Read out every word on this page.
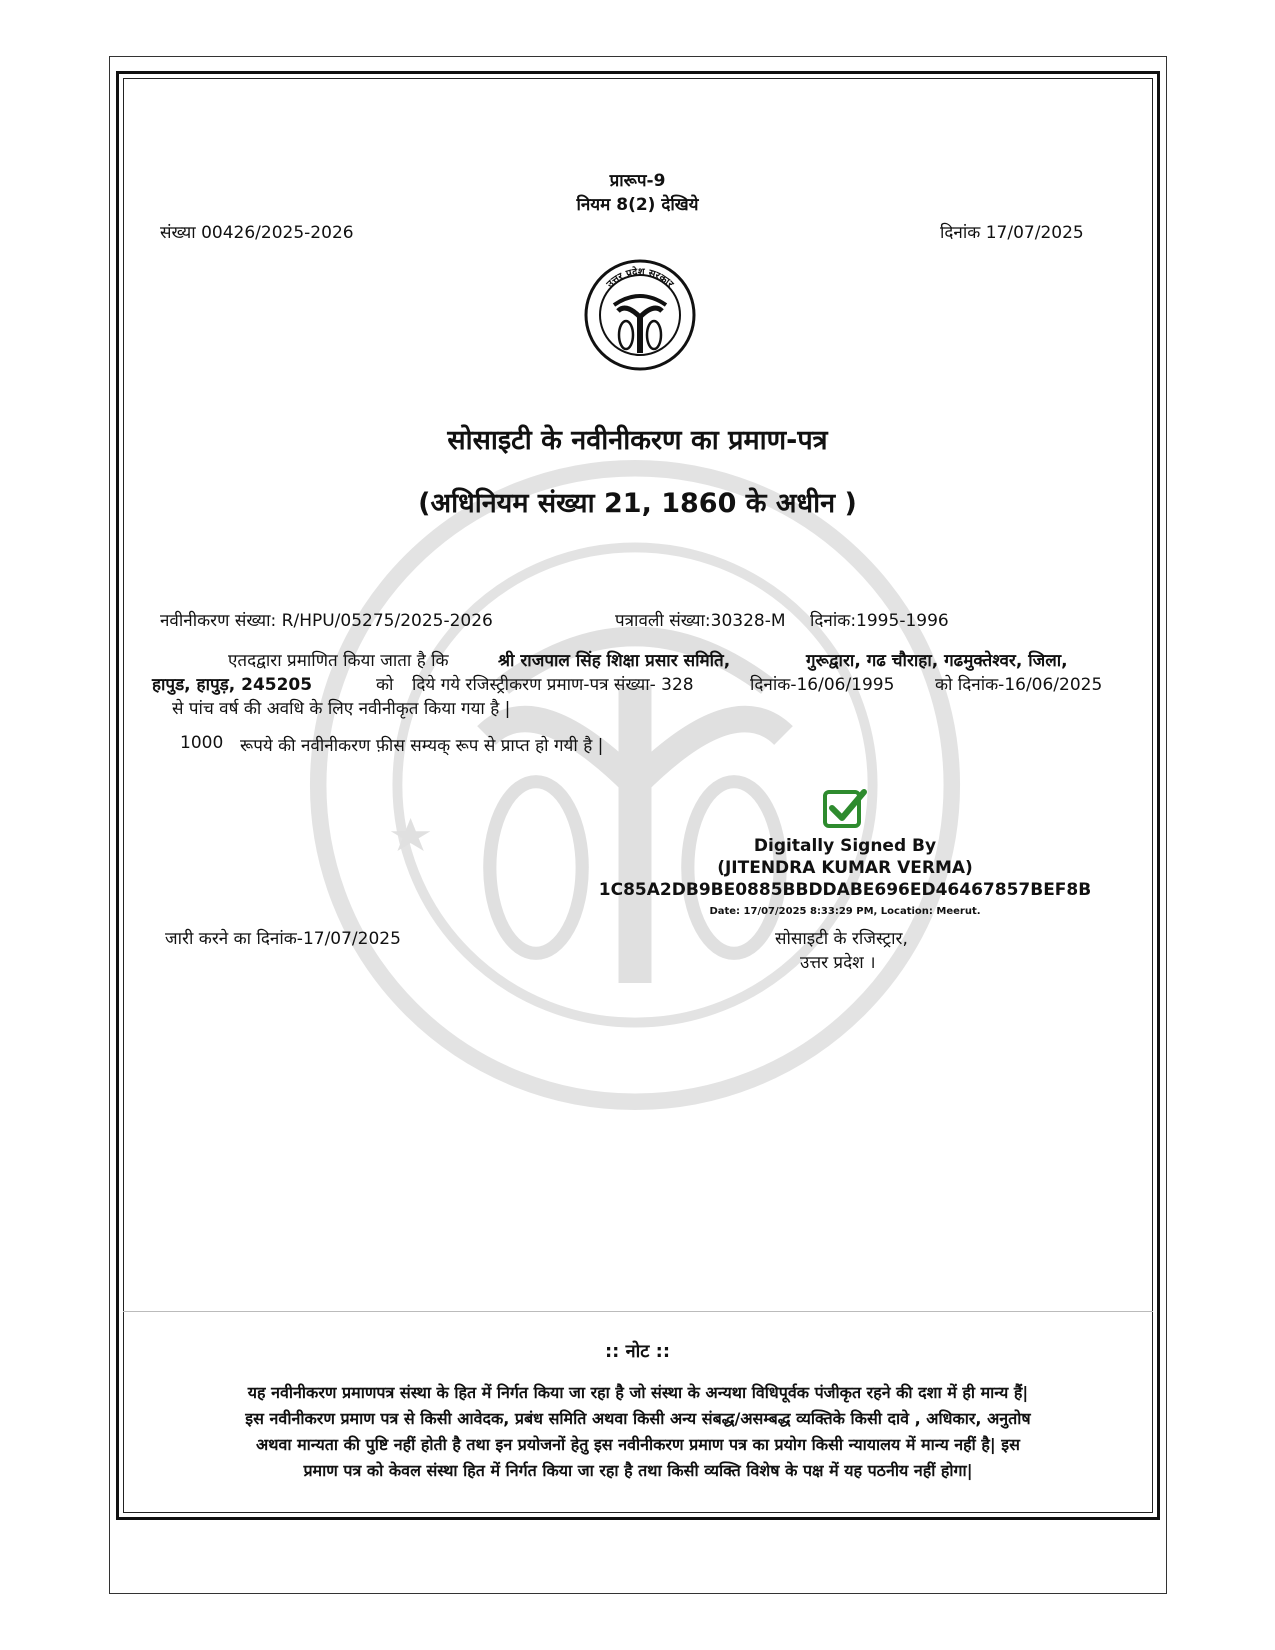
प्रारूप-9
नियम 8(2) देखिये
संख्या 00426/2025-2026	दिनांक 17/07/2025
उत्तर प्रदेश सरकार
सोसाइटी के नवीनीकरण का प्रमाण-पत्र
(अधिनियम संख्या 21, 1860 के अधीन )
नवीनीकरण संख्या: R/HPU/05275/2025-2026	पत्रावली संख्या:30328-M दिनांक:1995-1996
एतदद्वारा प्रमाणित किया जाता है कि	श्री राजपाल सिंह शिक्षा प्रसार समिति,	गुरूद्वारा, गढ चौराहा, गढमुक्तेश्वर, जिला,
हापुड, हापुड़, 245205	को दिये गये रजिस्ट्रीकरण प्रमाण-पत्र संख्या- 328	दिनांक-16/06/1995 को दिनांक-16/06/2025
से पांच वर्ष की अवधि के लिए नवीनीकृत किया गया है |
1000 रूपये की नवीनीकरण फ़ीस सम्यक् रूप से प्राप्त हो गयी है |
Digitally Signed By
(JITENDRA KUMAR VERMA)
1C85A2DB9BE0885BBDDABE696ED46467857BEF8B
Date: 17/07/2025 8:33:29 PM, Location: Meerut.
जारी करने का दिनांक-17/07/2025	सोसाइटी के रजिस्ट्रार,
उत्तर प्रदेश ।
:: नोट ::
यह नवीनीकरण प्रमाणपत्र संस्था के हित में निर्गत किया जा रहा है जो संस्था के अन्यथा विधिपूर्वक पंजीकृत रहने की दशा में ही मान्य हैं|
इस नवीनीकरण प्रमाण पत्र से किसी आवेदक, प्रबंध समिति अथवा किसी अन्य संबद्ध/असम्बद्ध व्यक्तिके किसी दावे , अधिकार, अनुतोष
अथवा मान्यता की पुष्टि नहीं होती है तथा इन प्रयोजनों हेतु इस नवीनीकरण प्रमाण पत्र का प्रयोग किसी न्यायालय में मान्य नहीं है| इस
प्रमाण पत्र को केवल संस्था हित में निर्गत किया जा रहा है तथा किसी व्यक्ति विशेष के पक्ष में यह पठनीय नहीं होगा|
